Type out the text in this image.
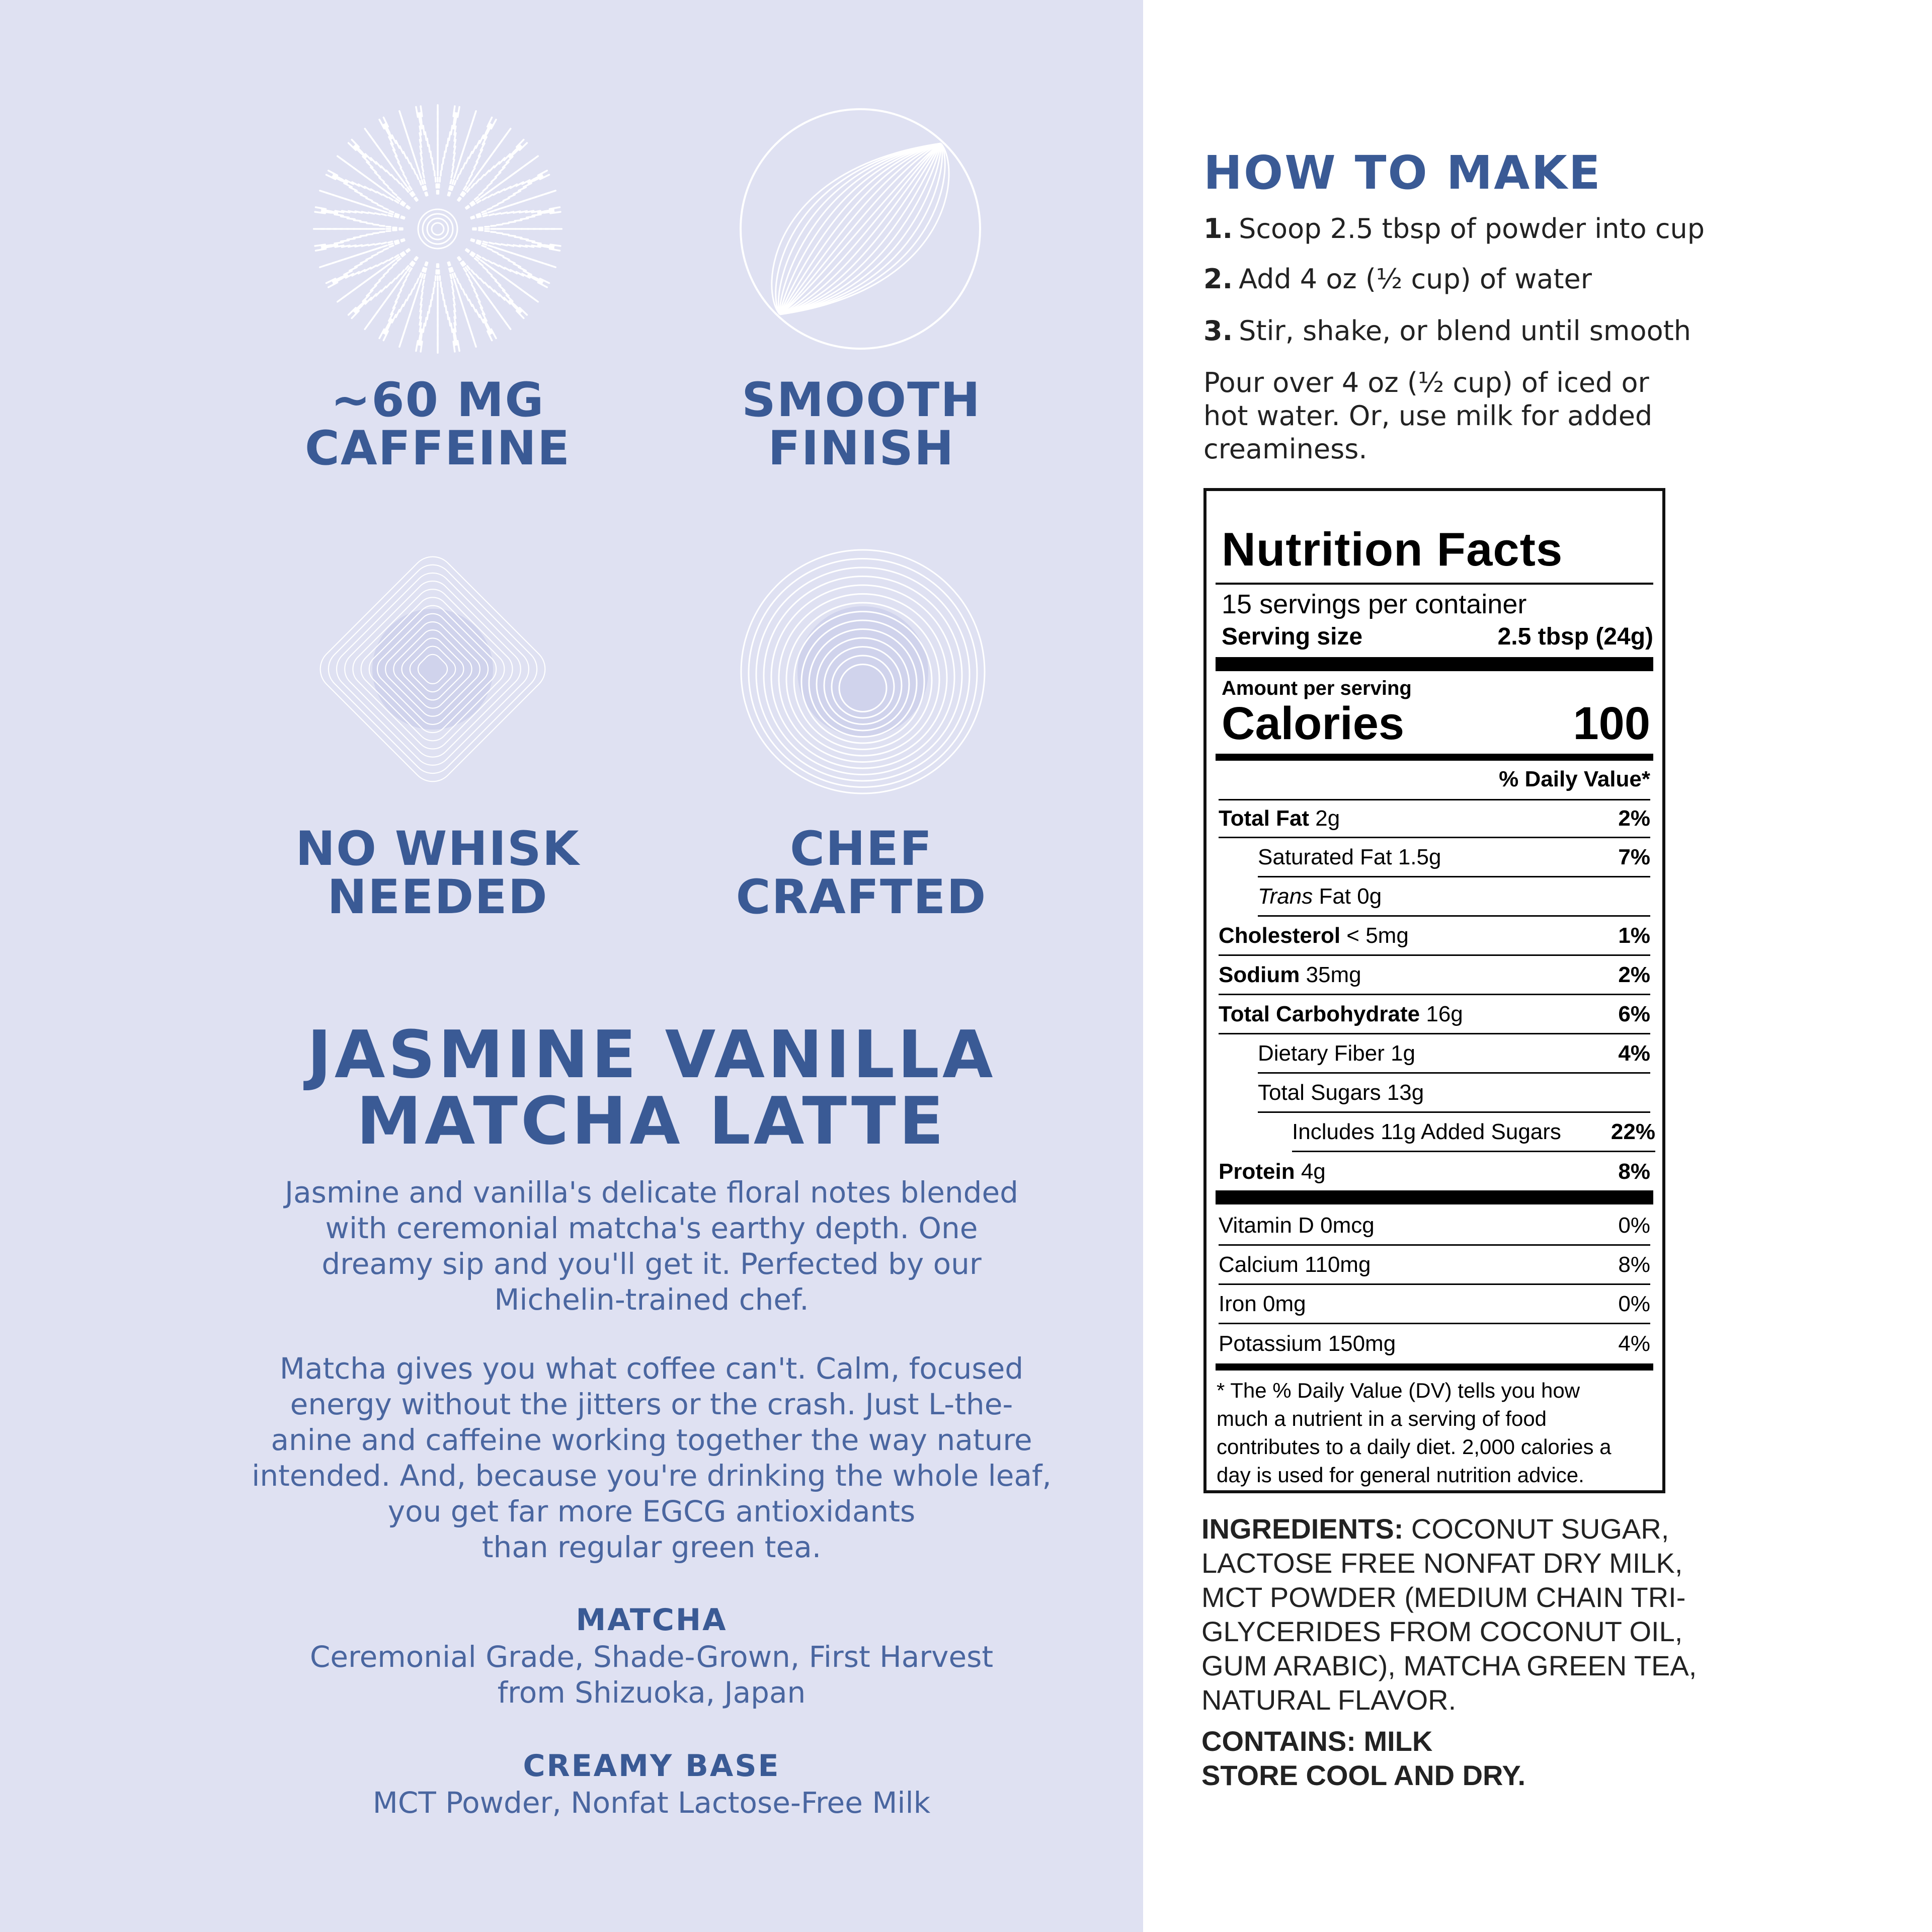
~60 MG
CAFFEINE
SMOOTH
FINISH
NO WHISK
NEEDED
CHEF
CRAFTED
JASMINE VANILLA
MATCHA LATTE
Jasmine and vanilla's delicate floral notes blended
with ceremonial matcha's earthy depth. One
dreamy sip and you'll get it. Perfected by our
Michelin-trained chef.
Matcha gives you what coffee can't. Calm, focused
energy without the jitters or the crash. Just L-the-
anine and caffeine working together the way nature
intended. And, because you're drinking the whole leaf,
you get far more EGCG antioxidants
than regular green tea.
MATCHA
Ceremonial Grade, Shade-Grown, First Harvest
from Shizuoka, Japan
CREAMY BASE
MCT Powder, Nonfat Lactose-Free Milk
HOW TO MAKE
1. Scoop 2.5 tbsp of powder into cup
2. Add 4 oz (½ cup) of water
3. Stir, shake, or blend until smooth
Pour over 4 oz (½ cup) of iced or
hot water. Or, use milk for added
creaminess.
Nutrition Facts
15 servings per container
Serving size	2.5 tbsp (24g)
Amount per serving
Calories	100
% Daily Value*
Total Fat 2g	2%
Saturated Fat 1.5g	7%
Trans Fat 0g
Cholesterol < 5mg	1%
Sodium 35mg	2%
Total Carbohydrate 16g	6%
Dietary Fiber 1g	4%
Total Sugars 13g
Includes 11g Added Sugars 22%
Protein 4g	8%
Vitamin D 0mcg	0%
Calcium 110mg	8%
Iron 0mg	0%
Potassium 150mg	4%
* The % Daily Value (DV) tells you how
much a nutrient in a serving of food
contributes to a daily diet. 2,000 calories a
day is used for general nutrition advice.
INGREDIENTS: COCONUT SUGAR,
LACTOSE FREE NONFAT DRY MILK,
MCT POWDER (MEDIUM CHAIN TRI-
GLYCERIDES FROM COCONUT OIL,
GUM ARABIC), MATCHA GREEN TEA,
NATURAL FLAVOR.
CONTAINS: MILK
STORE COOL AND DRY.
